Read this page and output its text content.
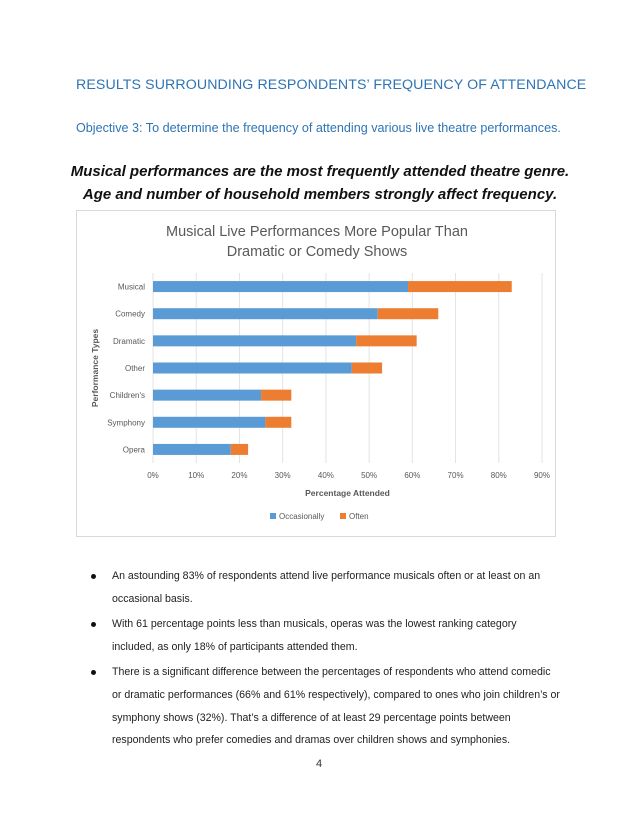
RESULTS SURROUNDING RESPONDENTS’ FREQUENCY OF ATTENDANCE
Objective 3: To determine the frequency of attending various live theatre performances.
Musical performances are the most frequently attended theatre genre. Age and number of household members strongly affect frequency.
Musical Live Performances More Popular Than Dramatic or Comedy Shows
0%	10%	20%	30%	40%	50%	60%	70%	80%	90%
Musical
Comedy
Dramatic
Other
Children's
Symphony
Opera
Percentage Attended
Performance Types
Occasionally	Often
An astounding 83% of respondents attend live performance musicals often or at least on an occasional basis.
With 61 percentage points less than musicals, operas was the lowest ranking category included, as only 18% of participants attended them.
There is a significant difference between the percentages of respondents who attend comedic or dramatic performances (66% and 61% respectively), compared to ones who join children’s or symphony shows (32%). That’s a difference of at least 29 percentage points between respondents who prefer comedies and dramas over children shows and symphonies.
4
